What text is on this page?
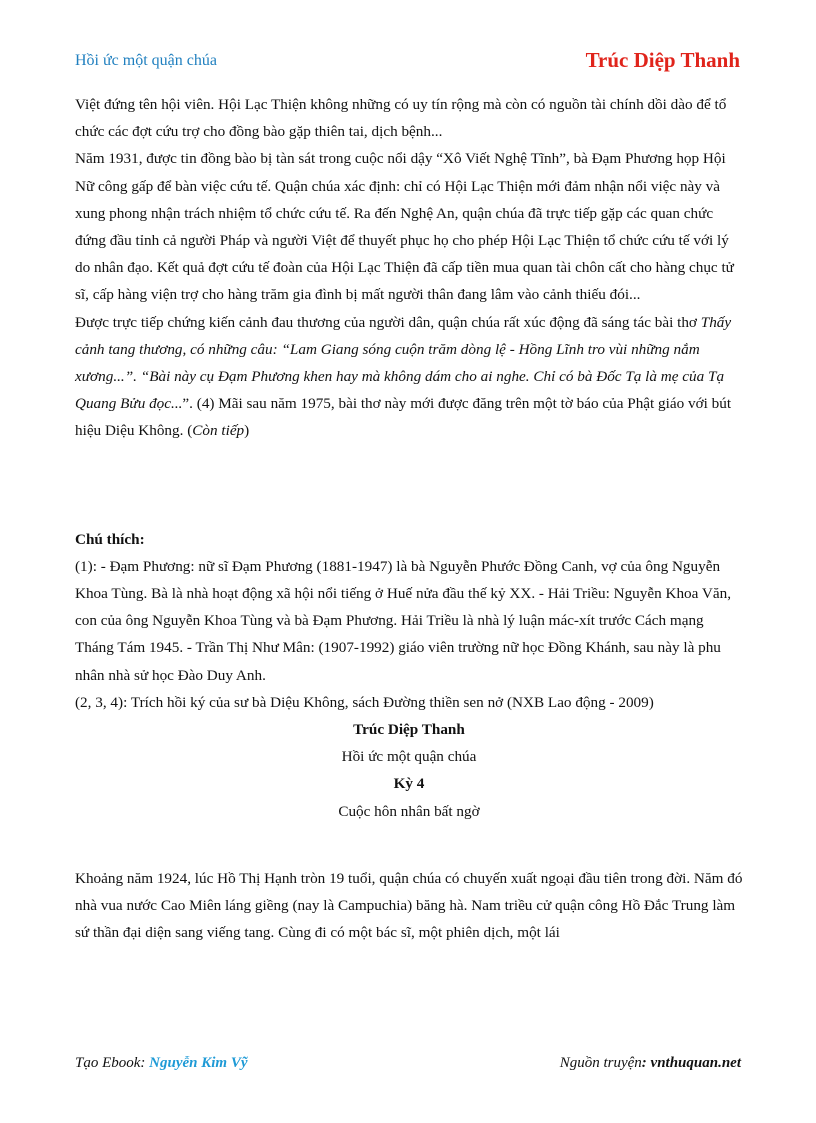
Hồi ức một quận chúa	Trúc Diệp Thanh

Việt đứng tên hội viên. Hội Lạc Thiện không những có uy tín rộng mà còn có nguồn tài chính dồi dào để tổ chức các đợt cứu trợ cho đồng bào gặp thiên tai, dịch bệnh...

Năm 1931, được tin đồng bào bị tàn sát trong cuộc nổi dậy “Xô Viết Nghệ Tĩnh”, bà Đạm Phương họp Hội Nữ công gấp để bàn việc cứu tế. Quận chúa xác định: chỉ có Hội Lạc Thiện mới đảm nhận nổi việc này và xung phong nhận trách nhiệm tổ chức cứu tế. Ra đến Nghệ An, quận chúa đã trực tiếp gặp các quan chức đứng đầu tỉnh cả người Pháp và người Việt để thuyết phục họ cho phép Hội Lạc Thiện tổ chức cứu tế với lý do nhân đạo. Kết quả đợt cứu tế đoàn của Hội Lạc Thiện đã cấp tiền mua quan tài chôn cất cho hàng chục tử sĩ, cấp hàng viện trợ cho hàng trăm gia đình bị mất người thân đang lâm vào cảnh thiếu đói...

Được trực tiếp chứng kiến cảnh đau thương của người dân, quận chúa rất xúc động đã sáng tác bài thơ Thấy cảnh tang thương, có những câu: “Lam Giang sóng cuộn trăm dòng lệ - Hồng Lĩnh tro vùi những nắm xương...”. “Bài này cụ Đạm Phương khen hay mà không dám cho ai nghe. Chỉ có bà Đốc Tạ là mẹ của Tạ Quang Bửu đọc...”. (4) Mãi sau năm 1975, bài thơ này mới được đăng trên một tờ báo của Phật giáo với bút hiệu Diệu Không. (Còn tiếp)

Chú thích:

(1): - Đạm Phương: nữ sĩ Đạm Phương (1881-1947) là bà Nguyễn Phước Đồng Canh, vợ của ông Nguyễn Khoa Tùng. Bà là nhà hoạt động xã hội nổi tiếng ở Huế nửa đầu thế kỷ XX. - Hải Triều: Nguyễn Khoa Văn, con của ông Nguyễn Khoa Tùng và bà Đạm Phương. Hải Triều là nhà lý luận mác-xít trước Cách mạng Tháng Tám 1945. - Trần Thị Như Mân: (1907-1992) giáo viên trường nữ học Đồng Khánh, sau này là phu nhân nhà sử học Đào Duy Anh.

(2, 3, 4): Trích hồi ký của sư bà Diệu Không, sách Đường thiền sen nở (NXB Lao động - 2009)

Trúc Diệp Thanh

Hồi ức một quận chúa

Kỳ 4

Cuộc hôn nhân bất ngờ

Khoảng năm 1924, lúc Hồ Thị Hạnh tròn 19 tuổi, quận chúa có chuyến xuất ngoại đầu tiên trong đời. Năm đó nhà vua nước Cao Miên láng giềng (nay là Campuchia) băng hà. Nam triều cử quận công Hồ Đắc Trung làm sứ thần đại diện sang viếng tang. Cùng đi có một bác sĩ, một phiên dịch, một lái

Tạo Ebook: Nguyễn Kim Vỹ	Nguồn truyện: vnthuquan.net
